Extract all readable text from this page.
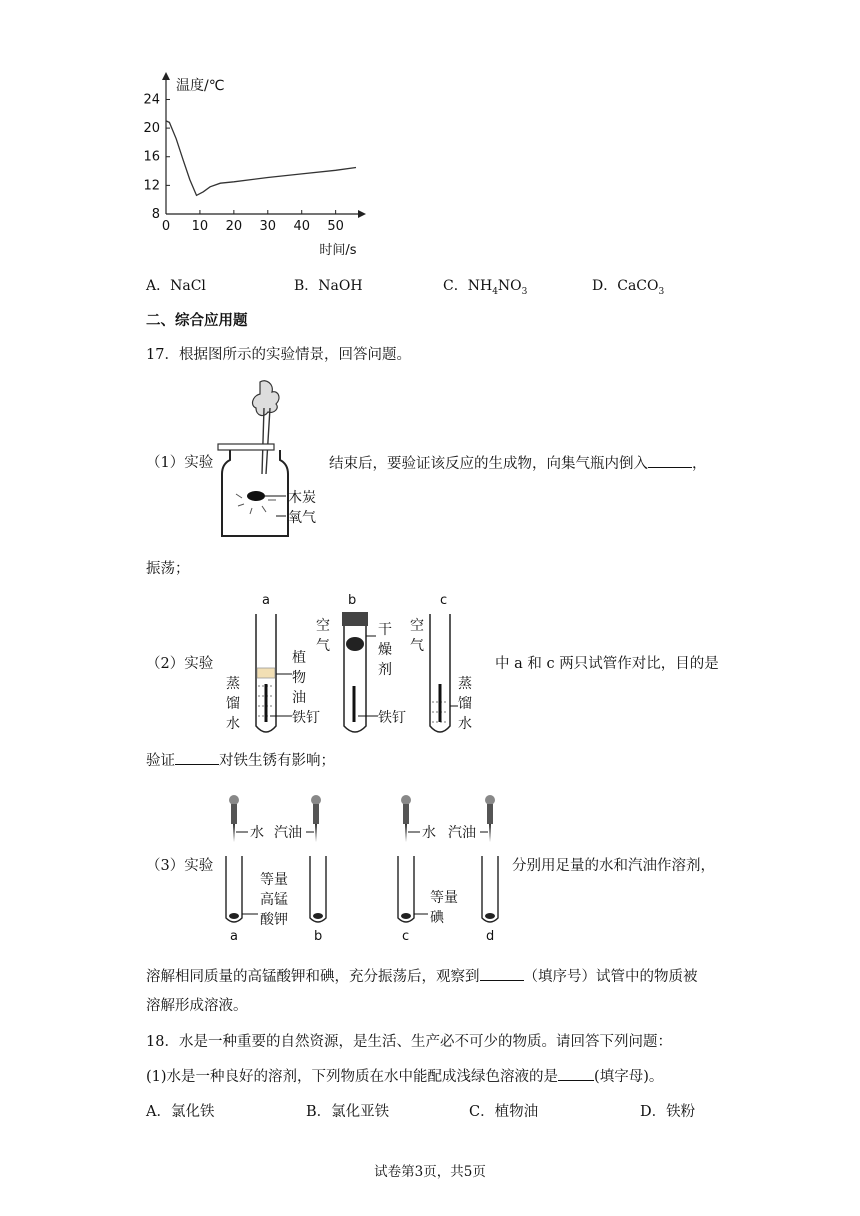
0 10 20 30 40 50
8
12
16
20
24
温度/℃
时间/s
A．NaCl	B．NaOH	C．$NH_4NO_3$	D．CaCO$_3$
二、综合应用题
17．根据图所示的实验情景，回答问题。
（1）实验
木炭
氧气
结束后，要验证该反应的生成物，向集气瓶内倒入	，
振荡；
（2）实验
a	b	c
蒸
馏
水
植
物
油
铁钉
空
气
干
燥
剂
铁钉
空
气
蒸
馏
水
中 a 和 c 两只试管作对比，目的是
验证	对铁生锈有影响；
（3）实验
水 汽油	水 汽油
等量
高锰
酸钾
等量
碘
a	b	c	d
分别用足量的水和汽油作溶剂，
溶解相同质量的高锰酸钾和碘，充分振荡后，观察到	（填序号）试管中的物质被
溶解形成溶液。
18．水是一种重要的自然资源，是生活、生产必不可少的物质。请回答下列问题：
(1)水是一种良好的溶剂，下列物质在水中能配成浅绿色溶液的是 (填字母)。
A．氯化铁	B．氯化亚铁	C．植物油	D．铁粉
试卷第3页，共5页
